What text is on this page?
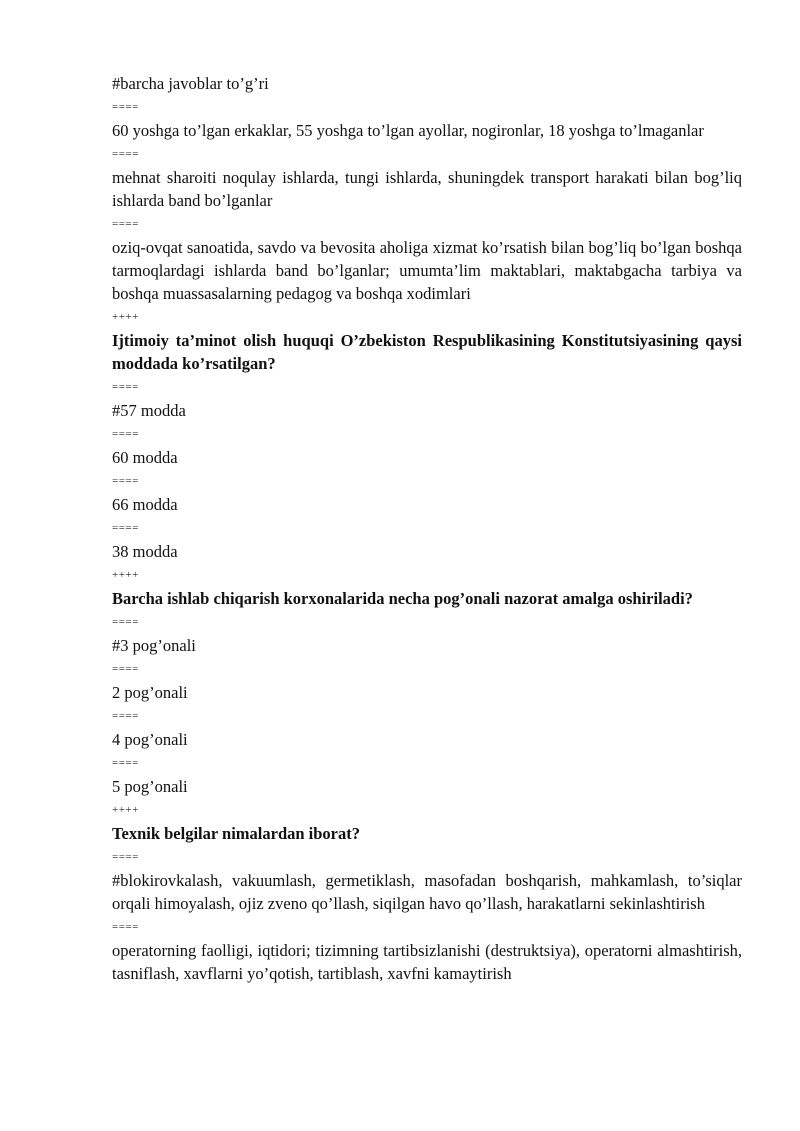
#barcha javoblar to’g’ri

====

60 yoshga to’lgan erkaklar, 55 yoshga to’lgan ayollar, nogironlar, 18 yoshga to’lmaganlar

====

mehnat sharoiti noqulay ishlarda, tungi ishlarda, shuningdek transport harakati bilan bog’liq ishlarda band bo’lganlar

====

oziq-ovqat sanoatida, savdo va bevosita aholiga xizmat ko’rsatish bilan bog’liq bo’lgan boshqa tarmoqlardagi ishlarda band bo’lganlar; umumta’lim maktablari, maktabgacha tarbiya va boshqa muassasalarning pedagog va boshqa xodimlari

++++

Ijtimoiy ta’minot olish huquqi O’zbekiston Respublikasining Konstitutsiyasining qaysi moddada ko’rsatilgan?

====

#57 modda

====

60 modda

====

66 modda

====

38 modda

++++

Barcha ishlab chiqarish korxonalarida necha pog’onali nazorat amalga oshiriladi?

====

#3 pog’onali

====

2 pog’onali

====

4 pog’onali

====

5 pog’onali

++++

Texnik belgilar nimalardan iborat?

====

#blokirovkalash, vakuumlash, germetiklash, masofadan boshqarish, mahkamlash, to’siqlar orqali himoyalash, ojiz zveno qo’llash, siqilgan havo qo’llash, harakatlarni sekinlashtirish

====

operatorning faolligi, iqtidori; tizimning tartibsizlanishi (destruktsiya), operatorni almashtirish, tasniflash, xavflarni yo’qotish, tartiblash, xavfni kamaytirish
